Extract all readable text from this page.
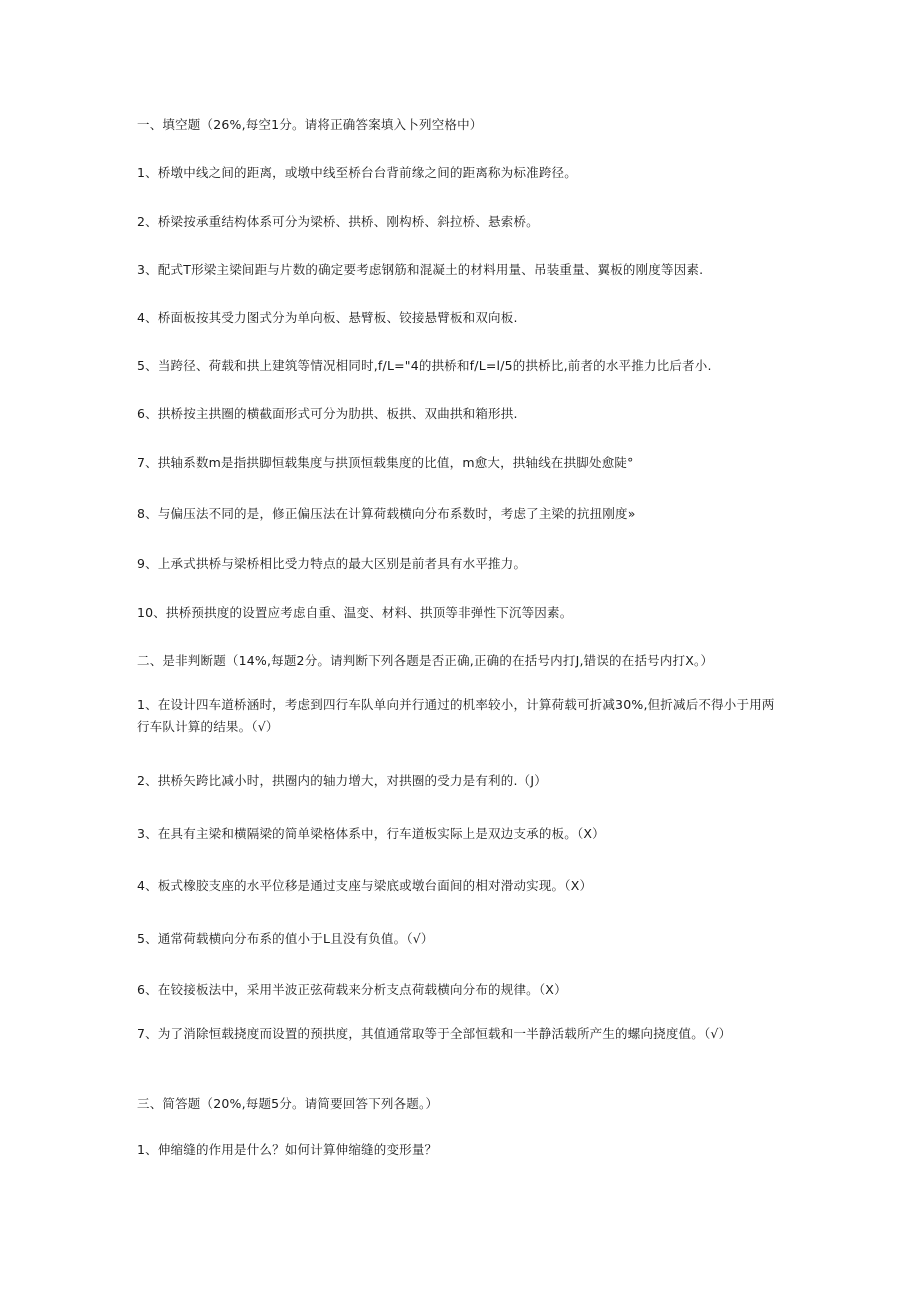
一、填空题（26%,每空1分。请将正确答案填入卜列空格中）
1、桥墩中线之间的距离，或墩中线至桥台台背前缘之间的距离称为标准跨径。
2、桥梁按承重结构体系可分为梁桥、拱桥、刚构桥、斜拉桥、悬索桥。
3、配式T形梁主梁间距与片数的确定要考虑钢筋和混凝土的材料用量、吊装重量、翼板的刚度等因素.
4、桥面板按其受力图式分为单向板、悬臂板、铰接悬臂板和双向板.
5、当跨径、荷载和拱上建筑等情况相同时,f/L="4的拱桥和f/L=l/5的拱桥比,前者的水平推力比后者小.
6、拱桥按主拱圈的横截面形式可分为肋拱、板拱、双曲拱和箱形拱.
7、拱轴系数m是指拱脚恒载集度与拱顶恒载集度的比值，m愈大，拱轴线在拱脚处愈陡°
8、与偏压法不同的是，修正偏压法在计算荷载横向分布系数时，考虑了主梁的抗扭刚度»
9、上承式拱桥与梁桥相比受力特点的最大区别是前者具有水平推力。
10、拱桥预拱度的设置应考虑自重、温变、材料、拱顶等非弹性下沉等因素。
二、是非判断题（14%,每题2分。请判断下列各题是否正确,正确的在括号内打J,错误的在括号内打X。）
1、在设计四车道桥涵时，考虑到四行车队单向并行通过的机率较小，计算荷载可折减30%,但折减后不得小于用两行车队计算的结果。（√）
2、拱桥矢跨比减小时，拱圈内的轴力增大，对拱圈的受力是有利的.（J）
3、在具有主梁和横隔梁的简单梁格体系中，行车道板实际上是双边支承的板。（X）
4、板式橡胶支座的水平位移是通过支座与梁底或墩台面间的相对滑动实现。（X）
5、通常荷载横向分布系的值小于L且没有负值。（√）
6、在铰接板法中，采用半波正弦荷载来分析支点荷载横向分布的规律。（X）
7、为了消除恒载挠度而设置的预拱度，其值通常取等于全部恒载和一半静活载所产生的螺向挠度值。（√）
三、简答题（20%,每题5分。请简要回答下列各题。）
1、伸缩缝的作用是什么？如何计算伸缩缝的变形量？
